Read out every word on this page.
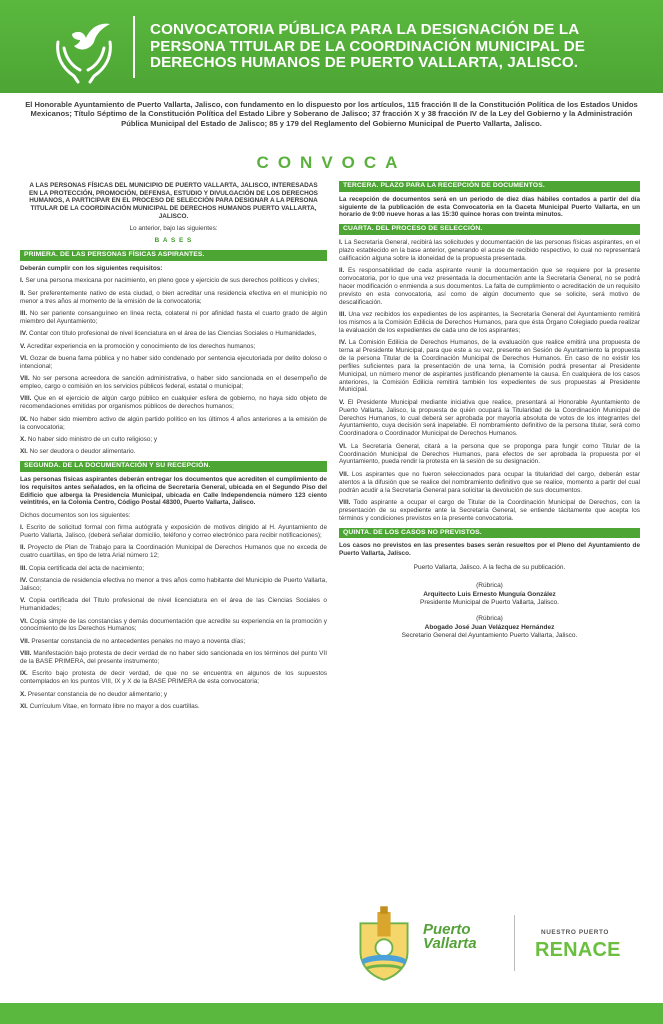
CONVOCATORIA PÚBLICA PARA LA DESIGNACIÓN DE LA PERSONA TITULAR DE LA COORDINACIÓN MUNICIPAL DE DERECHOS HUMANOS DE PUERTO VALLARTA, JALISCO.
El Honorable Ayuntamiento de Puerto Vallarta, Jalisco, con fundamento en lo dispuesto por los artículos, 115 fracción II de la Constitución Política de los Estados Unidos Mexicanos; Título Séptimo de la Constitución Política del Estado Libre y Soberano de Jalisco; 37 fracción X y 38 fracción IV de la Ley del Gobierno y la Administración Pública Municipal del Estado de Jalisco; 85 y 179 del Reglamento del Gobierno Municipal de Puerto Vallarta, Jalisco.
CONVOCA
A LAS PERSONAS FÍSICAS DEL MUNICIPIO DE PUERTO VALLARTA, JALISCO, INTERESADAS EN LA PROTECCIÓN, PROMOCIÓN, DEFENSA, ESTUDIO Y DIVULGACIÓN DE LOS DERECHOS HUMANOS, A PARTICIPAR EN EL PROCESO DE SELECCIÓN PARA DESIGNAR A LA PERSONA TITULAR DE LA COORDINACIÓN MUNICIPAL DE DERECHOS HUMANOS PUERTO VALLARTA, JALISCO.
Lo anterior, bajo las siguientes:
B A S E S
PRIMERA. DE LAS PERSONAS FÍSICAS ASPIRANTES.
Deberán cumplir con los siguientes requisitos:
I. Ser una persona mexicana por nacimiento, en pleno goce y ejercicio de sus derechos políticos y civiles;
II. Ser preferentemente nativo de esta ciudad, o bien acreditar una residencia efectiva en el municipio no menor a tres años al momento de la emisión de la convocatoria;
III. No ser pariente consanguíneo en línea recta, colateral ni por afinidad hasta el cuarto grado de algún miembro del Ayuntamiento;
IV. Contar con título profesional de nivel licenciatura en el área de las Ciencias Sociales o Humanidades,
V. Acreditar experiencia en la promoción y conocimiento de los derechos humanos;
VI. Gozar de buena fama pública y no haber sido condenado por sentencia ejecutoriada por delito doloso o intencional;
VII. No ser persona acreedora de sanción administrativa, o haber sido sancionada en el desempeño de empleo, cargo o comisión en los servicios públicos federal, estatal o municipal;
VIII. Que en el ejercicio de algún cargo público en cualquier esfera de gobierno, no haya sido objeto de recomendaciones emitidas por organismos públicos de derechos humanos;
IX. No haber sido miembro activo de algún partido político en los últimos 4 años anteriores a la emisión de la convocatoria;
X. No haber sido ministro de un culto religioso; y
XI. No ser deudora o deudor alimentario.
SEGUNDA. DE LA DOCUMENTACIÓN Y SU RECEPCIÓN.
Las personas físicas aspirantes deberán entregar los documentos que acrediten el cumplimiento de los requisitos antes señalados, en la oficina de Secretaría General, ubicada en el Segundo Piso del Edificio que alberga la Presidencia Municipal, ubicada en Calle Independencia número 123 ciento veintitrés, en la Colonia Centro, Código Postal 48300, Puerto Vallarta, Jalisco.
Dichos documentos son los siguientes:
I. Escrito de solicitud formal con firma autógrafa y exposición de motivos dirigido al H. Ayuntamiento de Puerto Vallarta, Jalisco, (deberá señalar domicilio, teléfono y correo electrónico para recibir notificaciones);
II. Proyecto de Plan de Trabajo para la Coordinación Municipal de Derechos Humanos que no exceda de cuatro cuartillas, en tipo de letra Arial número 12;
III. Copia certificada del acta de nacimiento;
IV. Constancia de residencia efectiva no menor a tres años como habitante del Municipio de Puerto Vallarta, Jalisco;
V. Copia certificada del Título profesional de nivel licenciatura en el área de las Ciencias Sociales o Humanidades;
VI. Copia simple de las constancias y demás documentación que acredite su experiencia en la promoción y conocimiento de los Derechos Humanos;
VII. Presentar constancia de no antecedentes penales no mayo a noventa días;
VIII. Manifestación bajo protesta de decir verdad de no haber sido sancionada en los términos del punto VII de la BASE PRIMERA, del presente instrumento;
IX. Escrito bajo protesta de decir verdad, de que no se encuentra en algunos de los supuestos contemplados en los puntos VIII, IX y X de la BASE PRIMERA de esta convocatoria;
X. Presentar constancia de no deudor alimentario; y
XI. Currículum Vitae, en formato libre no mayor a dos cuartillas.
TERCERA. PLAZO PARA LA RECEPCIÓN DE DOCUMENTOS.
La recepción de documentos será en un periodo de diez días hábiles contados a partir del día siguiente de la publicación de esta Convocatoria en la Gaceta Municipal Puerto Vallarta, en un horario de 9:00 nueve horas a las 15:30 quince horas con treinta minutos.
CUARTA. DEL PROCESO DE SELECCIÓN.
I. La Secretaría General, recibirá las solicitudes y documentación de las personas físicas aspirantes, en el plazo establecido en la base anterior, generando el acuse de recibido respectivo, lo cual no representará calificación alguna sobre la idoneidad de la propuesta presentada.
II. Es responsabilidad de cada aspirante reunir la documentación que se requiere por la presente convocatoria, por lo que una vez presentada la documentación ante la Secretaría General, no se podrá hacer modificación o enmienda a sus documentos. La falta de cumplimiento o acreditación de un requisito previsto en esta convocatoria, así como de algún documento que se solicite, será motivo de descalificación.
III. Una vez recibidos los expedientes de los aspirantes, la Secretaría General del Ayuntamiento remitirá los mismos a la Comisión Edilicia de Derechos Humanos, para que ésta Órgano Colegiado pueda realizar la evaluación de los expedientes de cada uno de los aspirantes;
IV. La Comisión Edilicia de Derechos Humanos, de la evaluación que realice emitirá una propuesta de terna al Presidente Municipal, para que este a su vez, presente en Sesión de Ayuntamiento la propuesta de la persona Titular de la Coordinación Municipal de Derechos Humanos. En caso de no existir los perfiles suficientes para la presentación de una terna, la Comisión podrá presentar al Presidente Municipal, un número menor de aspirantes justificando plenamente la causa. En cualquiera de los casos anteriores, la Comisión Edilicia remitirá también los expedientes de sus propuestas al Presidente Municipal.
V. El Presidente Municipal mediante iniciativa que realice, presentará al Honorable Ayuntamiento de Puerto Vallarta, Jalisco, la propuesta de quién ocupará la Titularidad de la Coordinación Municipal de Derechos Humanos, lo cual deberá ser aprobada por mayoría absoluta de votos de los integrantes del Ayuntamiento, cuya decisión será inapelable. El nombramiento definitivo de la persona titular, será como Coordinadora o Coordinador Municipal de Derechos Humanos.
VI. La Secretaría General, citará a la persona que se proponga para fungir como Titular de la Coordinación Municipal de Derechos Humanos, para efectos de ser aprobada la propuesta por el Ayuntamiento, pueda rendir la protesta en la sesión de su designación.
VII. Los aspirantes que no fueron seleccionados para ocupar la titularidad del cargo, deberán estar atentos a la difusión que se realice del nombramiento definitivo que se realice, momento a partir del cual podrán acudir a la Secretaría General para solicitar la devolución de sus documentos.
VIII. Todo aspirante a ocupar el cargo de Titular de la Coordinación Municipal de Derechos, con la presentación de su expediente ante la Secretaría General, se entiende tácitamente que acepta los términos y condiciones previstos en la presente convocatoria.
QUINTA. DE LOS CASOS NO PREVISTOS.
Los casos no previstos en las presentes bases serán resueltos por el Pleno del Ayuntamiento de Puerto Vallarta, Jalisco.
Puerto Vallarta, Jalisco. A la fecha de su publicación.
(Rúbrica)
Arquitecto Luis Ernesto Munguía González
Presidente Municipal de Puerto Vallarta, Jalisco.
(Rúbrica)
Abogado José Juan Velázquez Hernández
Secretario General del Ayuntamiento Puerto Vallarta, Jalisco.
Puerto
Vallarta
NUESTRO PUERTO
RENACE
